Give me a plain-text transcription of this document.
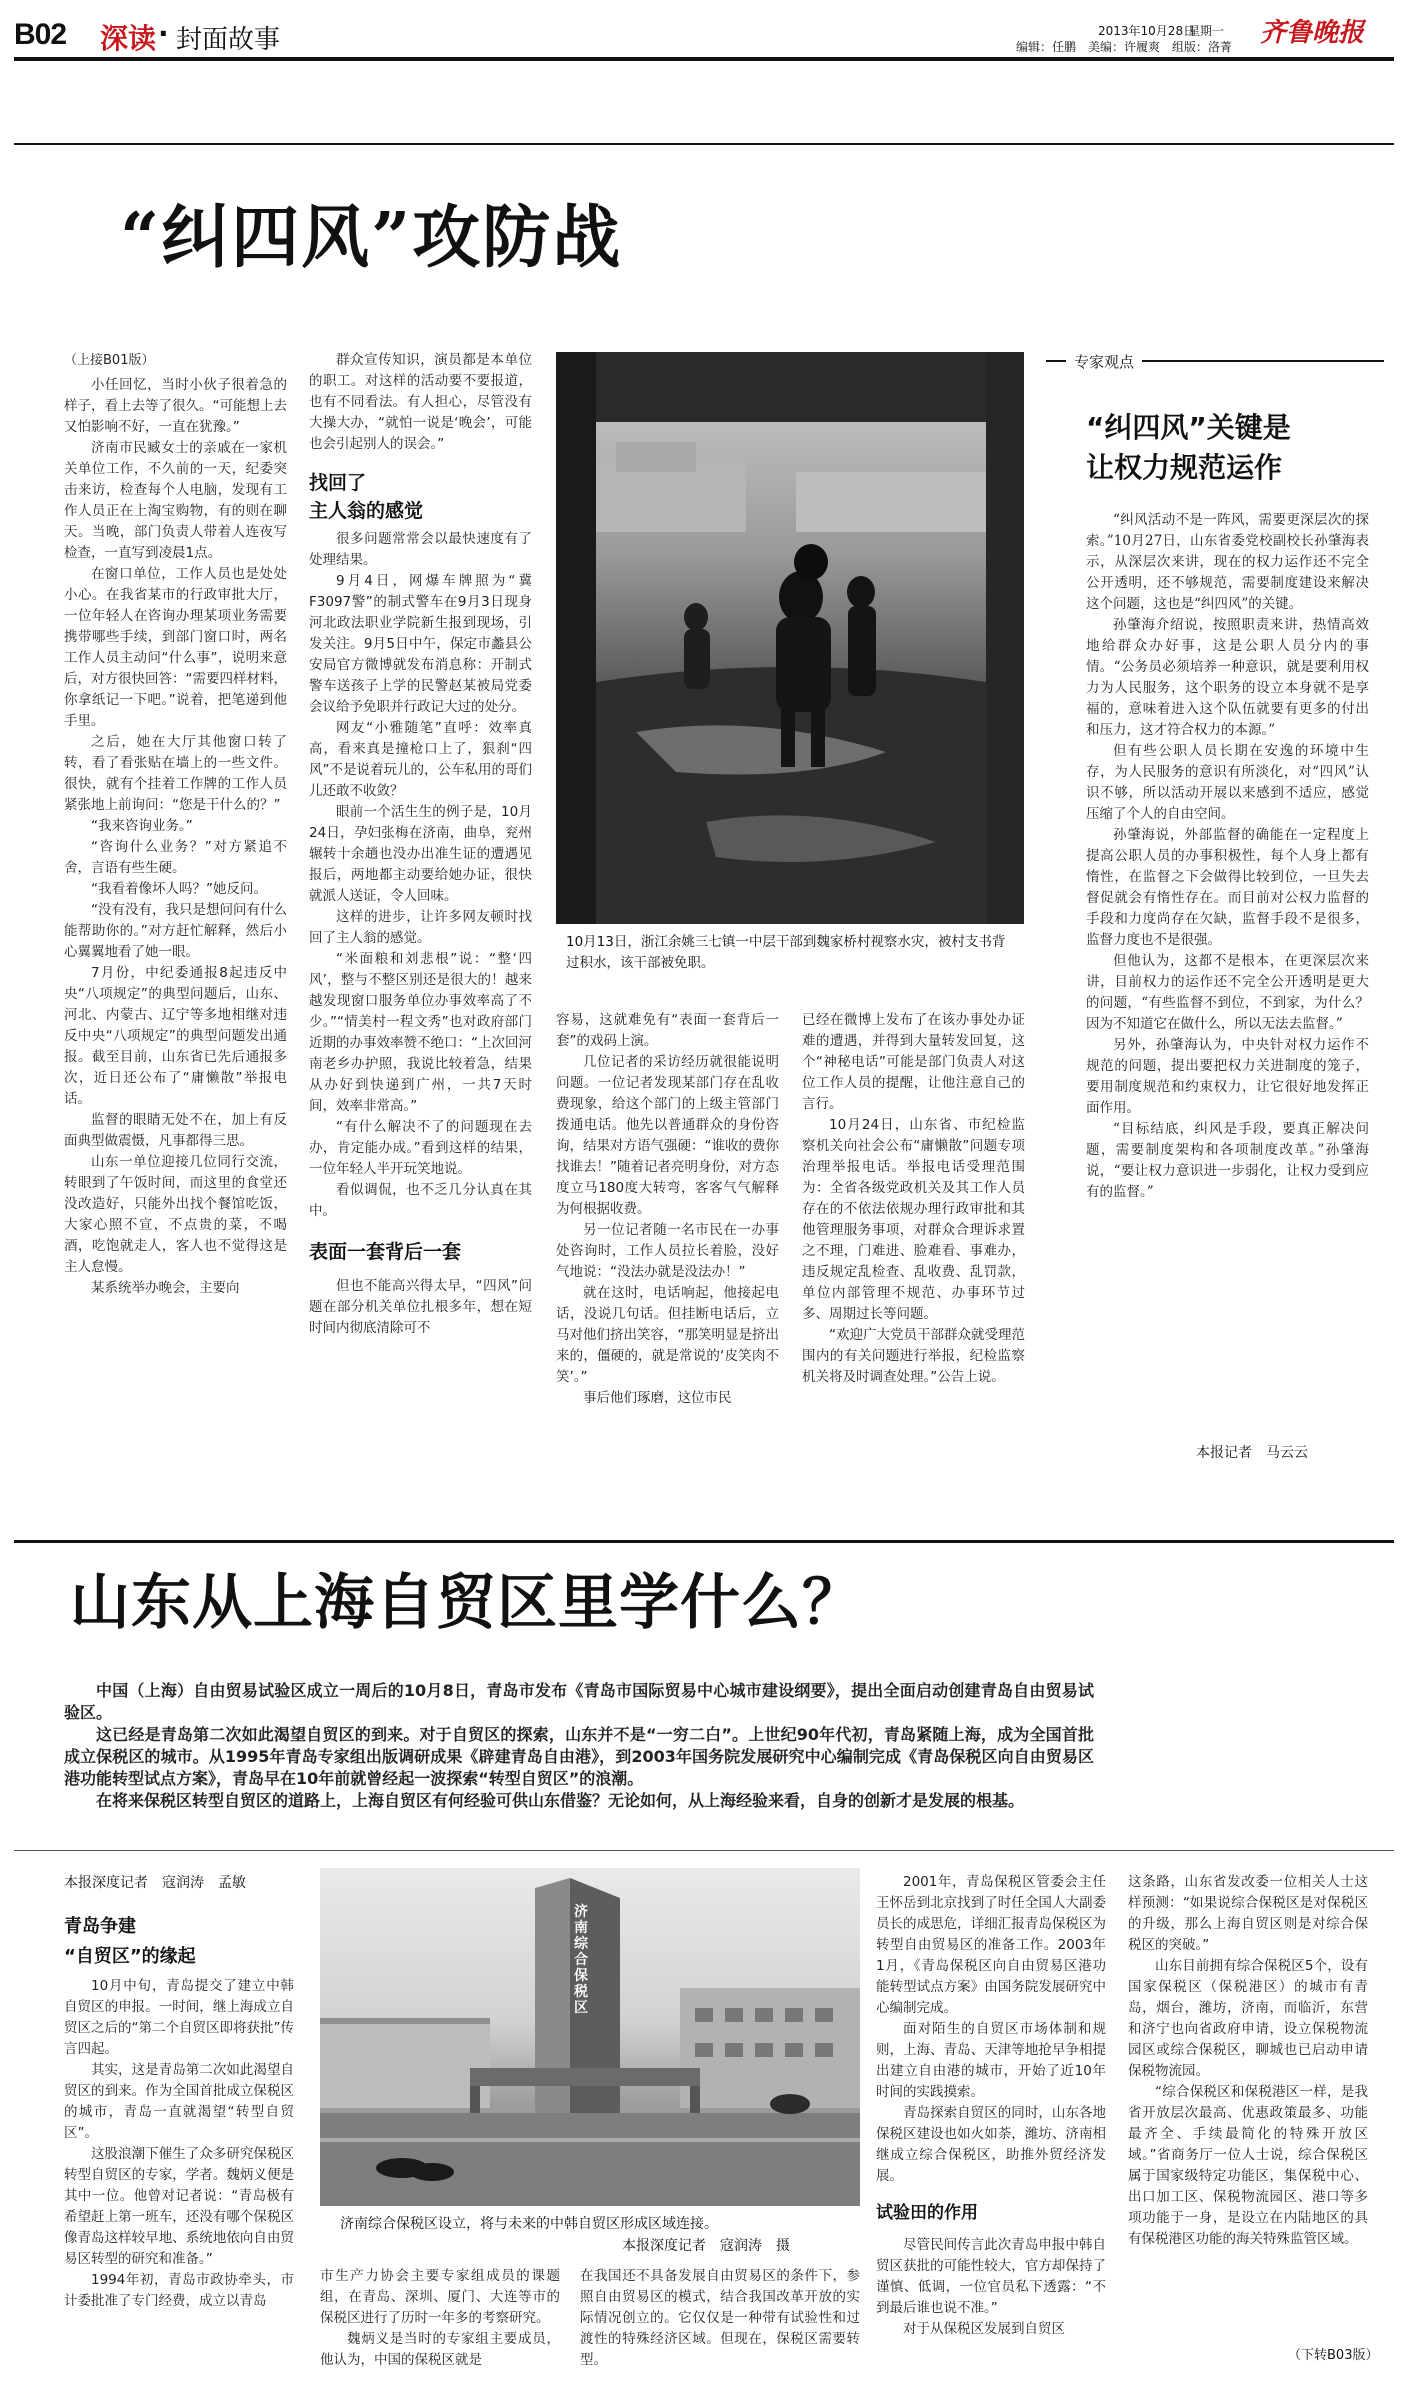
B02 深读 · 封面故事	2013年10月28日
星期一 齐鲁晚报
编辑：任鹏　美编：许履爽　组版：洛菁
“纠四风”攻防战
（上接B01版）

小任回忆，当时小伙子很着急的样子，看上去等了很久。“可能想上去又怕影响不好，一直在犹豫。”

济南市民臧女士的亲戚在一家机关单位工作，不久前的一天，纪委突击来访，检查每个人电脑，发现有工作人员正在上淘宝购物，有的则在聊天。当晚，部门负责人带着人连夜写检查，一直写到凌晨1点。

在窗口单位，工作人员也是处处小心。在我省某市的行政审批大厅，一位年轻人在咨询办理某项业务需要携带哪些手续，到部门窗口时，两名工作人员主动问“什么事”，说明来意后，对方很快回答：“需要四样材料，你拿纸记一下吧。”说着，把笔递到他手里。

之后，她在大厅其他窗口转了转，看了看张贴在墙上的一些文件。很快，就有个挂着工作牌的工作人员紧张地上前询问：“您是干什么的？”

“我来咨询业务。”

“咨询什么业务？”对方紧追不舍，言语有些生硬。

“我看着像坏人吗？”她反问。

“没有没有，我只是想问问有什么能帮助你的。”对方赶忙解释，然后小心翼翼地看了她一眼。

7月份，中纪委通报8起违反中央“八项规定”的典型问题后，山东、河北、内蒙古、辽宁等多地相继对违反中央“八项规定”的典型问题发出通报。截至目前，山东省已先后通报多次，近日还公布了“庸懒散”举报电话。

监督的眼睛无处不在，加上有反面典型做震慑，凡事都得三思。

山东一单位迎接几位同行交流，转眼到了午饭时间，而这里的食堂还没改造好，只能外出找个餐馆吃饭，大家心照不宣，不点贵的菜，不喝酒，吃饱就走人，客人也不觉得这是主人怠慢。

某系统举办晚会，主要向

群众宣传知识，演员都是本单位的职工。对这样的活动要不要报道，也有不同看法。有人担心，尽管没有大操大办，“就怕一说是‘晚会’，可能也会引起别人的误会。”

找回了
主人翁的感觉

很多问题常常会以最快速度有了处理结果。

9月4日，网爆车牌照为“冀F3097警”的制式警车在9月3日现身河北政法职业学院新生报到现场，引发关注。9月5日中午，保定市蠡县公安局官方微博就发布消息称：开制式警车送孩子上学的民警赵某被局党委会议给予免职并行政记大过的处分。

网友“小雅随笔”直呼：效率真高，看来真是撞枪口上了，狠刹“四风”不是说着玩儿的，公车私用的哥们儿还敢不收敛？

眼前一个活生生的例子是，10月24日，孕妇张梅在济南，曲阜，兖州辗转十余趟也没办出准生证的遭遇见报后，两地都主动要给她办证，很快就派人送证，令人回味。

这样的进步，让许多网友顿时找回了主人翁的感觉。

“米面粮和刘悲根”说：“整‘四风’，整与不整区别还是很大的！越来越发现窗口服务单位办事效率高了不少。”“情美村一程文秀”也对政府部门近期的办事效率赞不绝口：“上次回河南老乡办护照，我说比较着急，结果从办好到快递到广州，一共7天时间，效率非常高。”

“有什么解决不了的问题现在去办，肯定能办成。”看到这样的结果，一位年轻人半开玩笑地说。

看似调侃，也不乏几分认真在其中。

表面一套背后一套

但也不能高兴得太早，“四风”问题在部分机关单位扎根多年，想在短时间内彻底清除可不

10月13日，浙江余姚三七镇一中层干部到魏家桥村视察水灾，被村支书背过积水，该干部被免职。

容易，这就难免有“表面一套背后一套”的戏码上演。

几位记者的采访经历就很能说明问题。一位记者发现某部门存在乱收费现象，给这个部门的上级主管部门拨通电话。他先以普通群众的身份咨询，结果对方语气强硬：“谁收的费你找谁去！”随着记者亮明身份，对方态度立马180度大转弯，客客气气解释为何根据收费。

另一位记者随一名市民在一办事处咨询时，工作人员拉长着脸，没好气地说：“没法办就是没法办！”

就在这时，电话响起，他接起电话，没说几句话。但挂断电话后，立马对他们挤出笑容，“那笑明显是挤出来的，僵硬的，就是常说的‘皮笑肉不笑’。”

事后他们琢磨，这位市民

已经在微博上发布了在该办事处办证难的遭遇，并得到大量转发回复，这个“神秘电话”可能是部门负责人对这位工作人员的提醒，让他注意自己的言行。

10月24日，山东省、市纪检监察机关向社会公布“庸懒散”问题专项治理举报电话。举报电话受理范围为：全省各级党政机关及其工作人员存在的不依法依规办理行政审批和其他管理服务事项，对群众合理诉求置之不理，门难进、脸难看、事难办，违反规定乱检查、乱收费、乱罚款，单位内部管理不规范、办事环节过多、周期过长等问题。

“欢迎广大党员干部群众就受理范围内的有关问题进行举报，纪检监察机关将及时调查处理。”公告上说。

专家观点
“纠四风”关键是
让权力规范运作

“纠风活动不是一阵风，需要更深层次的探索。”10月27日，山东省委党校副校长孙肇海表示，从深层次来讲，现在的权力运作还不完全公开透明，还不够规范，需要制度建设来解决这个问题，这也是“纠四风”的关键。

孙肇海介绍说，按照职责来讲，热情高效地给群众办好事，这是公职人员分内的事情。“公务员必须培养一种意识，就是要利用权力为人民服务，这个职务的设立本身就不是享福的，意味着进入这个队伍就要有更多的付出和压力，这才符合权力的本源。”

但有些公职人员长期在安逸的环境中生存，为人民服务的意识有所淡化，对“四风”认识不够，所以活动开展以来感到不适应，感觉压缩了个人的自由空间。

孙肇海说，外部监督的确能在一定程度上提高公职人员的办事积极性，每个人身上都有惰性，在监督之下会做得比较到位，一旦失去督促就会有惰性存在。而目前对公权力监督的手段和力度尚存在欠缺，监督手段不是很多，监督力度也不是很强。

但他认为，这都不是根本，在更深层次来讲，目前权力的运作还不完全公开透明是更大的问题，“有些监督不到位，不到家，为什么？因为不知道它在做什么，所以无法去监督。”

另外，孙肇海认为，中央针对权力运作不规范的问题，提出要把权力关进制度的笼子，要用制度规范和约束权力，让它很好地发挥正面作用。

“目标结底，纠风是手段，要真正解决问题，需要制度架构和各项制度改革。”孙肇海说，“要让权力意识进一步弱化，让权力受到应有的监督。”

本报记者　马云云
山东从上海自贸区里学什么？

中国（上海）自由贸易试验区成立一周后的10月8日，青岛市发布《青岛市国际贸易中心城市建设纲要》，提出全面启动创建青岛自由贸易试验区。

这已经是青岛第二次如此渴望自贸区的到来。对于自贸区的探索，山东并不是“一穷二白”。上世纪90年代初，青岛紧随上海，成为全国首批成立保税区的城市。从1995年青岛专家组出版调研成果《辟建青岛自由港》，到2003年国务院发展研究中心编制完成《青岛保税区向自由贸易区港功能转型试点方案》，青岛早在10年前就曾经起一波探索“转型自贸区”的浪潮。

在将来保税区转型自贸区的道路上，上海自贸区有何经验可供山东借鉴？无论如何，从上海经验来看，自身的创新才是发展的根基。

本报深度记者　寇润涛　孟敏
青岛争建
“自贸区”的缘起

10月中旬，青岛提交了建立中韩自贸区的申报。一时间，继上海成立自贸区之后的“第二个自贸区即将获批”传言四起。

其实，这是青岛第二次如此渴望自贸区的到来。作为全国首批成立保税区的城市，青岛一直就渴望“转型自贸区”。

这股浪潮下催生了众多研究保税区转型自贸区的专家，学者。魏炳义便是其中一位。他曾对记者说：“青岛极有希望赶上第一班车，还没有哪个保税区像青岛这样较早地、系统地依向自由贸易区转型的研究和准备。”

1994年初，青岛市政协牵头，市计委批准了专门经费，成立以青岛

济南综合保税区
济南综合保税区设立，将与未来的中韩自贸区形成区域连接。
本报深度记者　寇润涛　摄

市生产力协会主要专家组成员的课题组，在青岛、深圳、厦门、大连等市的保税区进行了历时一年多的考察研究。

魏炳义是当时的专家组主要成员，他认为，中国的保税区就是

在我国还不具备发展自由贸易区的条件下，参照自由贸易区的模式，结合我国改革开放的实际情况创立的。它仅仅是一种带有试验性和过渡性的特殊经济区域。但现在，保税区需要转型。

2001年，青岛保税区管委会主任王怀岳到北京找到了时任全国人大副委员长的成思危，详细汇报青岛保税区为转型自由贸易区的准备工作。2003年1月，《青岛保税区向自由贸易区港功能转型试点方案》由国务院发展研究中心编制完成。

面对陌生的自贸区市场体制和规则，上海、青岛、天津等地抢早争相提出建立自由港的城市，开始了近10年时间的实践摸索。

青岛探索自贸区的同时，山东各地保税区建设也如火如荼，潍坊、济南相继成立综合保税区，助推外贸经济发展。

试验田的作用

尽管民间传言此次青岛申报中韩自贸区获批的可能性较大，官方却保持了谨慎、低调，一位官员私下透露：“不到最后谁也说不准。”

对于从保税区发展到自贸区

这条路，山东省发改委一位相关人士这样预测：“如果说综合保税区是对保税区的升级，那么上海自贸区则是对综合保税区的突破。”

山东目前拥有综合保税区5个，设有国家保税区（保税港区）的城市有青岛，烟台，潍坊，济南，而临沂，东营和济宁也向省政府申请，设立保税物流园区或综合保税区，聊城也已启动申请保税物流园。

“综合保税区和保税港区一样，是我省开放层次最高、优惠政策最多、功能最齐全、手续最简化的特殊开放区域。”省商务厅一位人士说，综合保税区属于国家级特定功能区，集保税中心、出口加工区、保税物流园区、港口等多项功能于一身，是设立在内陆地区的具有保税港区功能的海关特殊监管区域。

（下转B03版）
